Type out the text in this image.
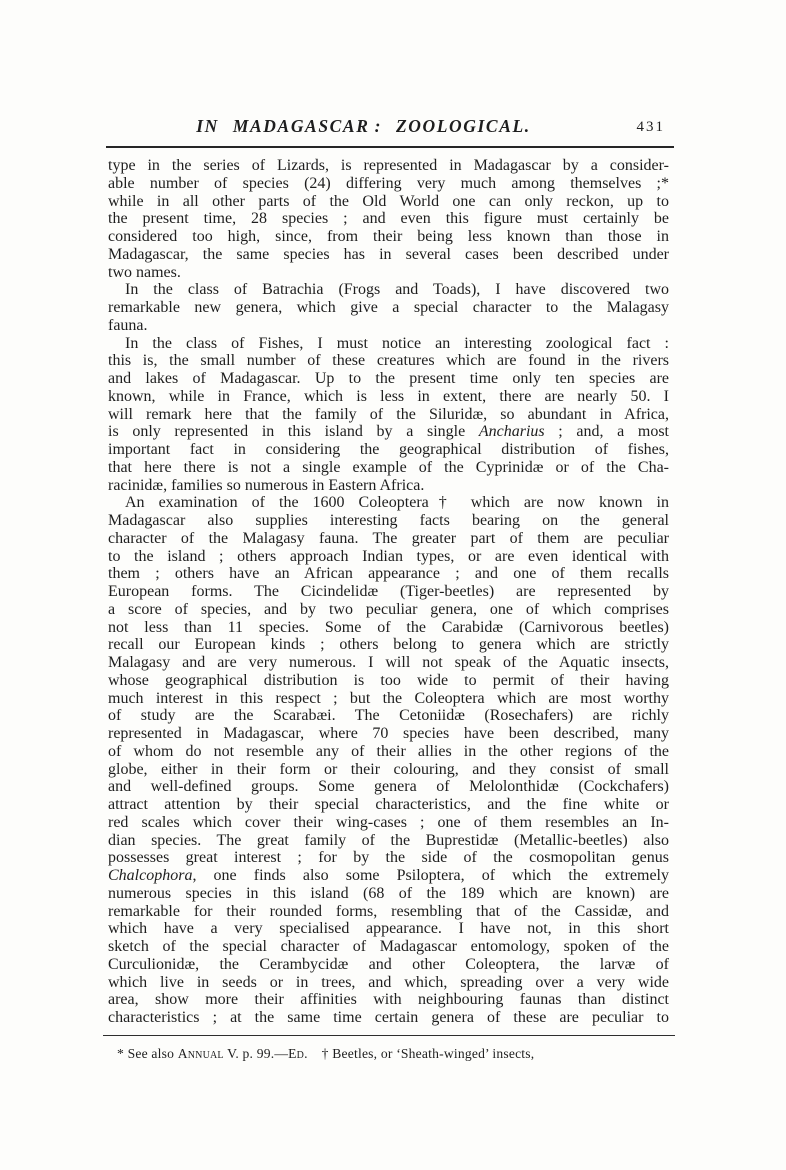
IN MADAGASCAR : ZOOLOGICAL.	431
type in the series of Lizards, is represented in Madagascar by a consider-
able number of species (24) differing very much among themselves ;*
while in all other parts of the Old World one can only reckon, up to
the present time, 28 species ; and even this figure must certainly be
considered too high, since, from their being less known than those in
Madagascar, the same species has in several cases been described under
two names.
In the class of Batrachia (Frogs and Toads), I have discovered two
remarkable new genera, which give a special character to the Malagasy
fauna.
In the class of Fishes, I must notice an interesting zoological fact :
this is, the small number of these creatures which are found in the rivers
and lakes of Madagascar. Up to the present time only ten species are
known, while in France, which is less in extent, there are nearly 50. I
will remark here that the family of the Siluridæ, so abundant in Africa,
is only represented in this island by a single Ancharius ; and, a most
important fact in considering the geographical distribution of fishes,
that here there is not a single example of the Cyprinidæ or of the Cha-
racinidæ, families so numerous in Eastern Africa.
An examination of the 1600 Coleoptera† which are now known in
Madagascar also supplies interesting facts bearing on the general
character of the Malagasy fauna. The greater part of them are peculiar
to the island ; others approach Indian types, or are even identical with
them ; others have an African appearance ; and one of them recalls
European forms. The Cicindelidæ (Tiger-beetles) are represented by
a score of species, and by two peculiar genera, one of which comprises
not less than 11 species. Some of the Carabidæ (Carnivorous beetles)
recall our European kinds ; others belong to genera which are strictly
Malagasy and are very numerous. I will not speak of the Aquatic insects,
whose geographical distribution is too wide to permit of their having
much interest in this respect ; but the Coleoptera which are most worthy
of study are the Scarabæi. The Cetoniidæ (Rosechafers) are richly
represented in Madagascar, where 70 species have been described, many
of whom do not resemble any of their allies in the other regions of the
globe, either in their form or their colouring, and they consist of small
and well-defined groups. Some genera of Melolonthidæ (Cockchafers)
attract attention by their special characteristics, and the fine white or
red scales which cover their wing-cases ; one of them resembles an In-
dian species. The great family of the Buprestidæ (Metallic-beetles) also
possesses great interest ; for by the side of the cosmopolitan genus
Chalcophora, one finds also some Psiloptera, of which the extremely
numerous species in this island (68 of the 189 which are known) are
remarkable for their rounded forms, resembling that of the Cassidæ, and
which have a very specialised appearance. I have not, in this short
sketch of the special character of Madagascar entomology, spoken of the
Curculionidæ, the Cerambycidæ and other Coleoptera, the larvæ of
which live in seeds or in trees, and which, spreading over a very wide
area, show more their affinities with neighbouring faunas than distinct
characteristics ; at the same time certain genera of these are peculiar to
* See also Annual V. p. 99.—Ed.  † Beetles, or ‘Sheath-winged’ insects,
